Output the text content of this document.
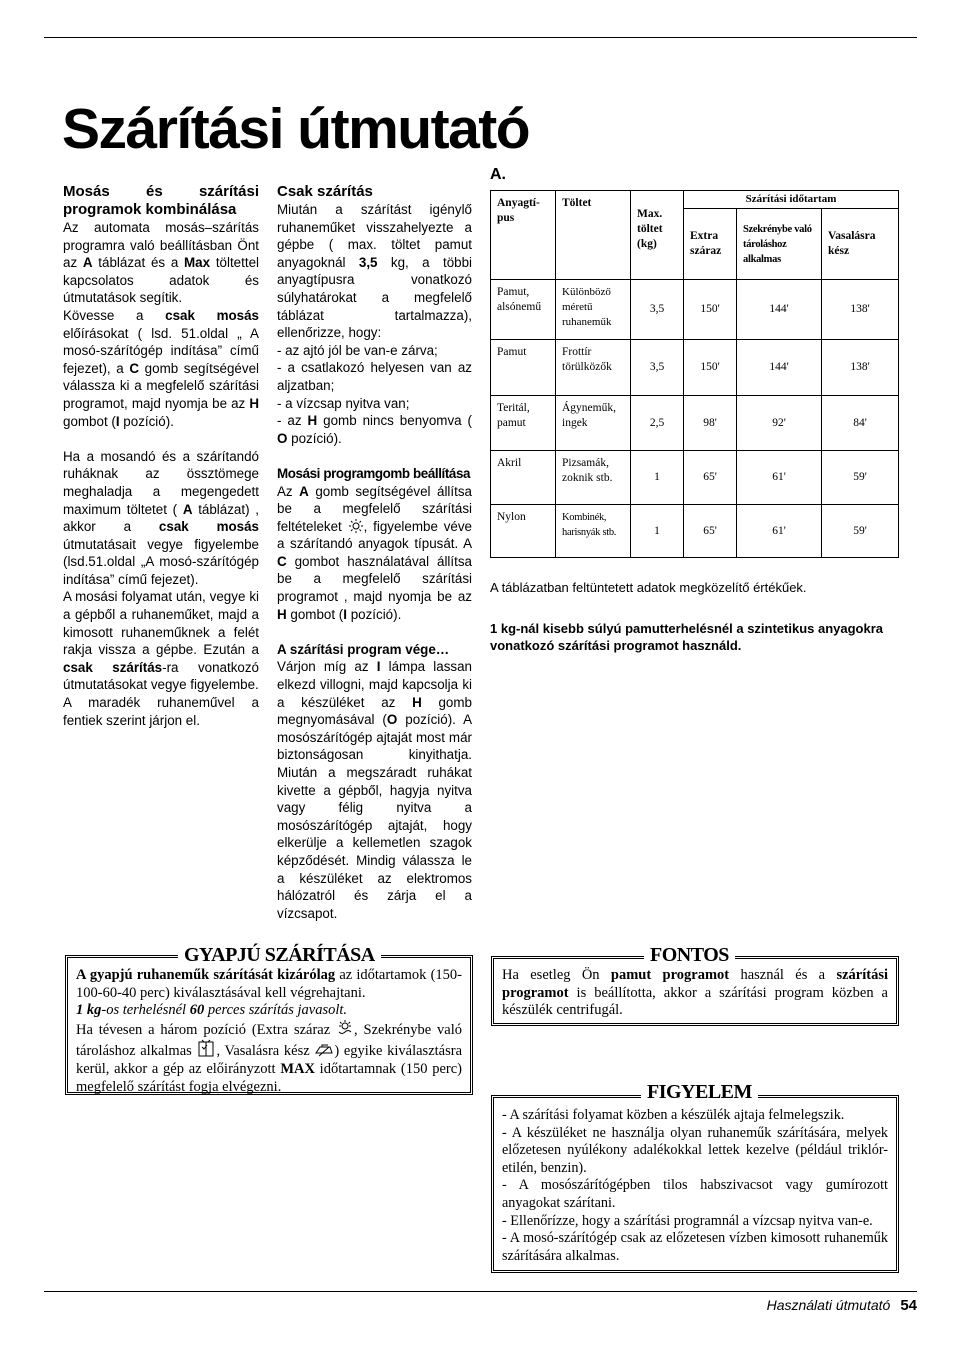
Szárítási útmutató

Mosás és szárítási programok kombinálása

Az automata mosás–szárítás programra való beállításban Önt az A táblázat és a Max töltettel kapcsolatos adatok és útmutatások segítik.

Kövesse a csak mosás előírásokat ( lsd. 51.oldal „ A mosó-szárítógép indítása” című fejezet), a C gomb segítségével válassza ki a megfelelő szárítási programot, majd nyomja be az H gombot (I pozíció).

Ha a mosandó és a szárítandó ruháknak az össztömege meghaladja a megengedett maximum töltetet ( A táblázat) , akkor a csak mosás útmutatásait vegye figyelembe (lsd.51.oldal „A mosó-szárítógép indítása” című fejezet).

A mosási folyamat után, vegye ki a gépből a ruhaneműket, majd a kimosott ruhaneműknek a felét rakja vissza a gépbe. Ezután a csak szárítás-ra vonatkozó útmutatásokat vegye figyelembe.

A maradék ruhaneművel a fentiek szerint járjon el.

Csak szárítás

Miután a szárítást igénylő ruhaneműket visszahelyezte a gépbe ( max. töltet pamut anyagoknál 3,5 kg, a többi anyagtípusra vonatkozó súlyhatárokat a megfelelő táblázat tartalmazza), ellenőrizze, hogy:

- az ajtó jól be van-e zárva;

- a csatlakozó helyesen van az aljzatban;

- a vízcsap nyitva van;

- az H gomb nincs benyomva ( O pozíció).

Mosási programgomb beállítása

Az A gomb segítségével állítsa be a megfelelő szárítási feltételeket , figyelembe véve a szárítandó anyagok típusát. A C gombot használatával állítsa be a megfelelő szárítási programot , majd nyomja be az H gombot (I pozíció).

A szárítási program vége…

Várjon míg az I lámpa lassan elkezd villogni, majd kapcsolja ki a készüléket az H gomb megnyomásával (O pozíció). A mosószárítógép ajtaját most már biztonságosan kinyithatja. Miután a megszáradt ruhákat kivette a gépből, hagyja nyitva vagy félig nyitva a mosószárítógép ajtaját, hogy elkerülje a kellemetlen szagok képződését. Mindig válassza le a készüléket az elektromos hálózatról és zárja el a vízcsapot.

A.
Anyagtí-pus	Töltet	Max. töltet (kg)	Szárítási időtartam		
			Extra száraz	Szekrénybe való tároláshoz alkalmas	Vasalásra kész
Pamut, alsónemű	Különböző méretű ruhaneműk	3,5	150'	144'	138'
Pamut	Frottír törülközők	3,5	150'	144'	138'
Teritál, pamut	Ágyneműk, ingek	2,5	98'	92'	84'
Akril	Pizsamák, zoknik stb.	1	65'	61'	59'
Nylon	Kombinék, harisnyák stb.	1	65'	61'	59'
A táblázatban feltüntetett adatok megközelítő értékűek.
1 kg-nál kisebb súlyú pamutterhelésnél a szintetikus anyagokra vonatkozó szárítási programot használd.

A gyapjú ruhaneműk szárítását kizárólag az időtartamok (150-100-60-40 perc) kiválasztásával kell végrehajtani.

1 kg-os terhelésnél 60 perces szárítás javasolt.

Ha tévesen a három pozíció (Extra száraz , Szekrénybe való tároláshoz alkalmas , Vasalásra kész ) egyike kiválasztásra kerül, akkor a gép az előirányzott MAX időtartamnak (150 perc) megfelelő szárítást fogja elvégezni.

GYAPJÚ SZÁRÍTÁSA

Ha esetleg Ön pamut programot használ és a szárítási programot is beállította, akkor a szárítási program közben a készülék centrifugál.

FONTOS

- A szárítási folyamat közben a készülék ajtaja felmelegszik.

- A készüléket ne használja olyan ruhaneműk szárítására, melyek előzetesen nyúlékony adalékokkal lettek kezelve (például triklór-etilén, benzin).

- A mosószárítógépben tilos habszivacsot vagy gumírozott anyagokat szárítani.

- Ellenőrízze, hogy a szárítási programnál a vízcsap nyitva van-e.

- A mosó-szárítógép csak az előzetesen vízben kimosott ruhaneműk szárítására alkalmas.

FIGYELEM
Használati útmutató 54
